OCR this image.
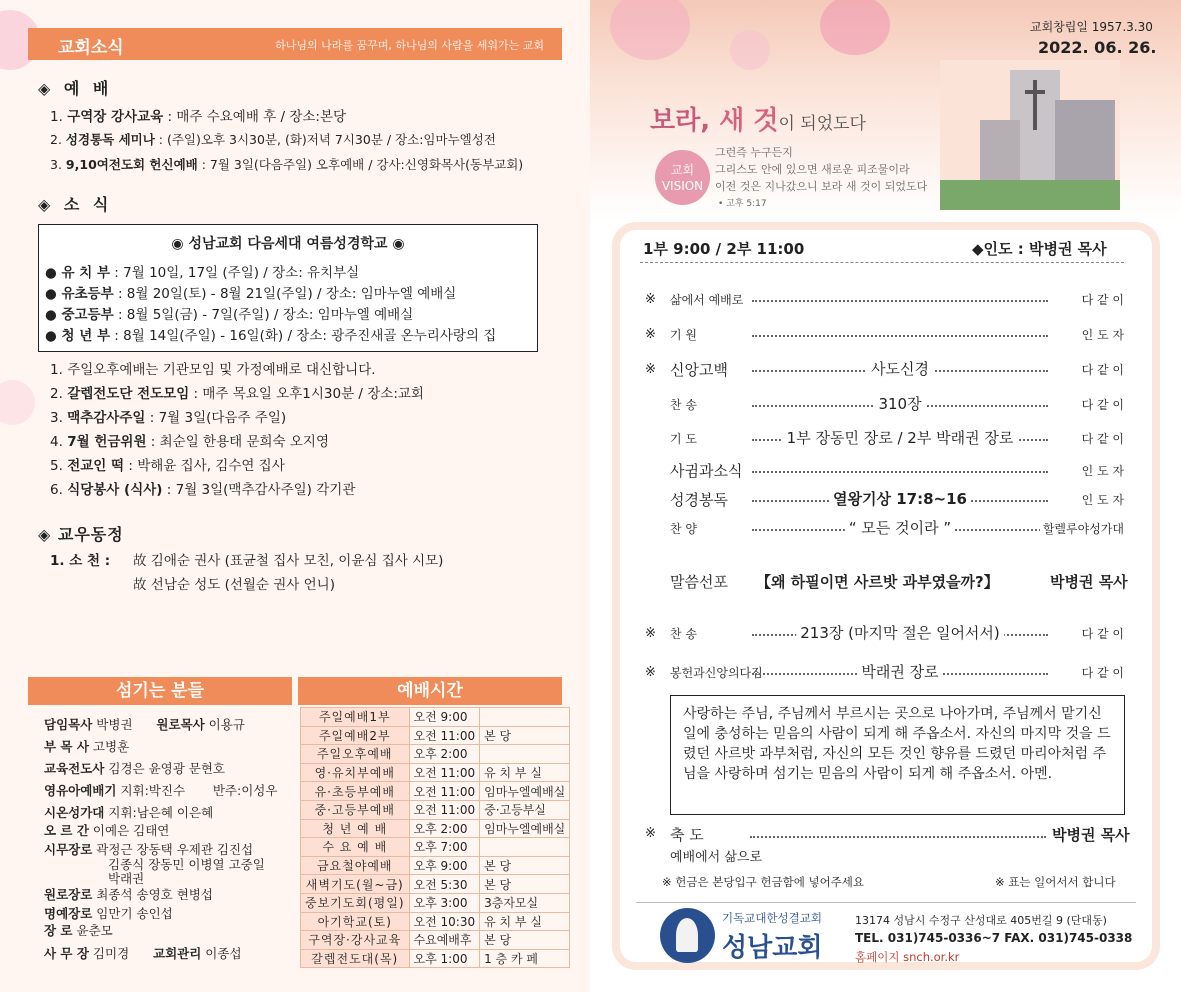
교회소식	하나님의 나라를 꿈꾸며, 하나님의 사람을 세워가는 교회
◈ 예 배
1. 구역장 강사교육 : 매주 수요예배 후 / 장소:본당
2. 성경통독 세미나 : (주일)오후 3시30분, (화)저녁 7시30분 / 장소:임마누엘성전
3. 9,10여전도회 헌신예배 : 7월 3일(다음주일) 오후예배 / 강사:신영화목사(동부교회)
◈ 소 식
◉ 성남교회 다음세대 여름성경학교 ◉
● 유 치 부 : 7월 10일, 17일 (주일) / 장소: 유치부실
● 유초등부 : 8월 20일(토) - 8월 21일(주일) / 장소: 임마누엘 예배실
● 중고등부 : 8월 5일(금) - 7일(주일) / 장소: 임마누엘 예배실
● 청 년 부 : 8월 14일(주일) - 16일(화) / 장소: 광주진새골 온누리사랑의 집
1. 주일오후예배는 기관모임 및 가정예배로 대신합니다.
2. 갈렙전도단 전도모임 : 매주 목요일 오후1시30분 / 장소:교회
3. 맥추감사주일 : 7월 3일(다음주 주일)
4. 7월 헌금위원 : 최순일 한용태 문희숙 오지영
5. 전교인 떡 : 박해윤 집사, 김수연 집사
6. 식당봉사 (식사) : 7월 3일(맥추감사주일) 각기관
◈ 교우동정
1. 소 천 : 故 김애순 권사 (표균철 집사 모친, 이윤심 집사 시모)
故 선남순 성도 (선월순 권사 언니)
섬기는 분들	예배시간
담임목사 박병권 원로목사 이용규
부 목 사 고병훈
교육전도사 김경은 윤영광 문현호
영유아예배기 지휘:박진수 반주:이성우
시온성가대 지휘:남은혜 이은혜
오 르 간 이예은 김태연
시무장로 곽정근 장동택 우제관 김진섭
김종식 장동민 이병열 고중일
박래권
원로장로 최종석 송영호 현병섭
명예장로 임만기 송인섭
장 로 윤춘모
사 무 장 김미경 교회관리 이종섭
주일예배1부	오전 9:00	
주일예배2부	오전 11:00	본 당
주일오후예배	오후 2:00	
영·유치부예배	오전 11:00	유 치 부 실
유·초등부예배	오전 11:00	임마누엘예배실
중·고등부예배	오전 11:00	중·고등부실
청 년 예 배	오후 2:00	임마누엘예배실
수 요 예 배	오후 7:00	
금요철야예배	오후 9:00	본 당
새벽기도(월~금)	오전 5:30	본 당
중보기도회(평일)	오후 3:00	3층자모실
아기학교(토)	오전 10:30	유 치 부 실
구역장·강사교육	수요예배후	본 당
갈렙전도대(목)	오후 1:00	1 층 카 페
교회창립일 1957.3.30
2022. 06. 26.
보라, 새 것이 되었도다
교회 VISION
그런즉 누구든지
그리스도 안에 있으면 새로운 피조물이라
이전 것은 지나갔으니 보라 새 것이 되었도다
• 고후 5:17
1부 9:00 / 2부 11:00	◆인도 : 박병권 목사
※ 삶에서 예배로	다 같 이
※ 기 원	인 도 자
※ 신앙고백	사도신경	다 같 이
찬 송	310장	다 같 이
기 도	1부 장동민 장로 / 2부 박래권 장로	다 같 이
사귐과소식	인 도 자
성경봉독	열왕기상 17:8~16	인 도 자
찬 양	“ 모든 것이라 ”	할렐루야성가대
말씀선포 【왜 하필이면 사르밧 과부였을까?】	박병권 목사
※ 찬 송	213장 (마지막 절은 일어서서)	다 같 이
※ 봉헌과신앙의다짐	박래권 장로	다 같 이
사랑하는 주님, 주님께서 부르시는 곳으로 나아가며, 주님께서 맡기신 일에 충성하는 믿음의 사람이 되게 해 주옵소서. 자신의 마지막 것을 드렸던 사르밧 과부처럼, 자신의 모든 것인 향유를 드렸던 마리아처럼 주님을 사랑하며 섬기는 믿음의 사람이 되게 해 주옵소서. 아멘.
※ 축 도	박병권 목사
예배에서 삶으로
※ 헌금은 본당입구 헌금함에 넣어주세요	※ 표는 일어서서 합니다
기독교대한성결교회
성남교회
13174 성남시 수정구 산성대로 405번길 9 (단대동)
TEL. 031)745-0336~7 FAX. 031)745-0338
홈페이지 snch.or.kr
